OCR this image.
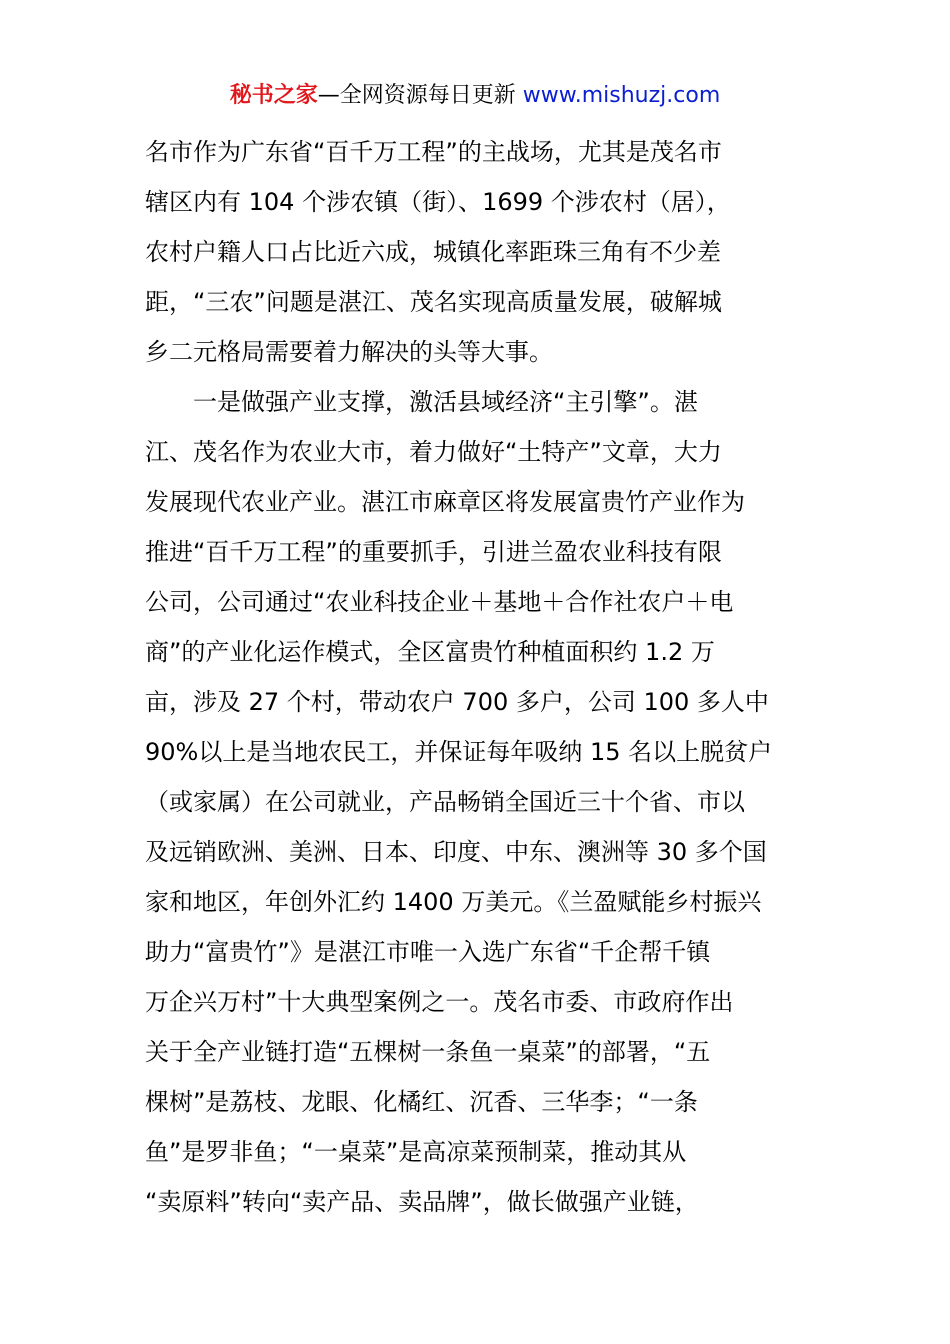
秘书之家—全网资源每日更新 www.mishuzj.com
名市作为广东省“百千万工程”的主战场，尤其是茂名市
辖区内有 104 个涉农镇（街）、1699 个涉农村（居），
农村户籍人口占比近六成，城镇化率距珠三角有不少差
距，“三农”问题是湛江、茂名实现高质量发展，破解城
乡二元格局需要着力解决的头等大事。
　　一是做强产业支撑，激活县域经济“主引擎”。湛
江、茂名作为农业大市，着力做好“土特产”文章，大力
发展现代农业产业。湛江市麻章区将发展富贵竹产业作为
推进“百千万工程”的重要抓手，引进兰盈农业科技有限
公司，公司通过“农业科技企业＋基地＋合作社农户＋电
商”的产业化运作模式，全区富贵竹种植面积约 1.2 万
亩，涉及 27 个村，带动农户 700 多户，公司 100 多人中
90%以上是当地农民工，并保证每年吸纳 15 名以上脱贫户
（或家属）在公司就业，产品畅销全国近三十个省、市以
及远销欧洲、美洲、日本、印度、中东、澳洲等 30 多个国
家和地区，年创外汇约 1400 万美元。《兰盈赋能乡村振兴
助力“富贵竹”》是湛江市唯一入选广东省“千企帮千镇
万企兴万村”十大典型案例之一。茂名市委、市政府作出
关于全产业链打造“五棵树一条鱼一桌菜”的部署，“五
棵树”是荔枝、龙眼、化橘红、沉香、三华李；“一条
鱼”是罗非鱼；“一桌菜”是高凉菜预制菜，推动其从
“卖原料”转向“卖产品、卖品牌”，做长做强产业链，
